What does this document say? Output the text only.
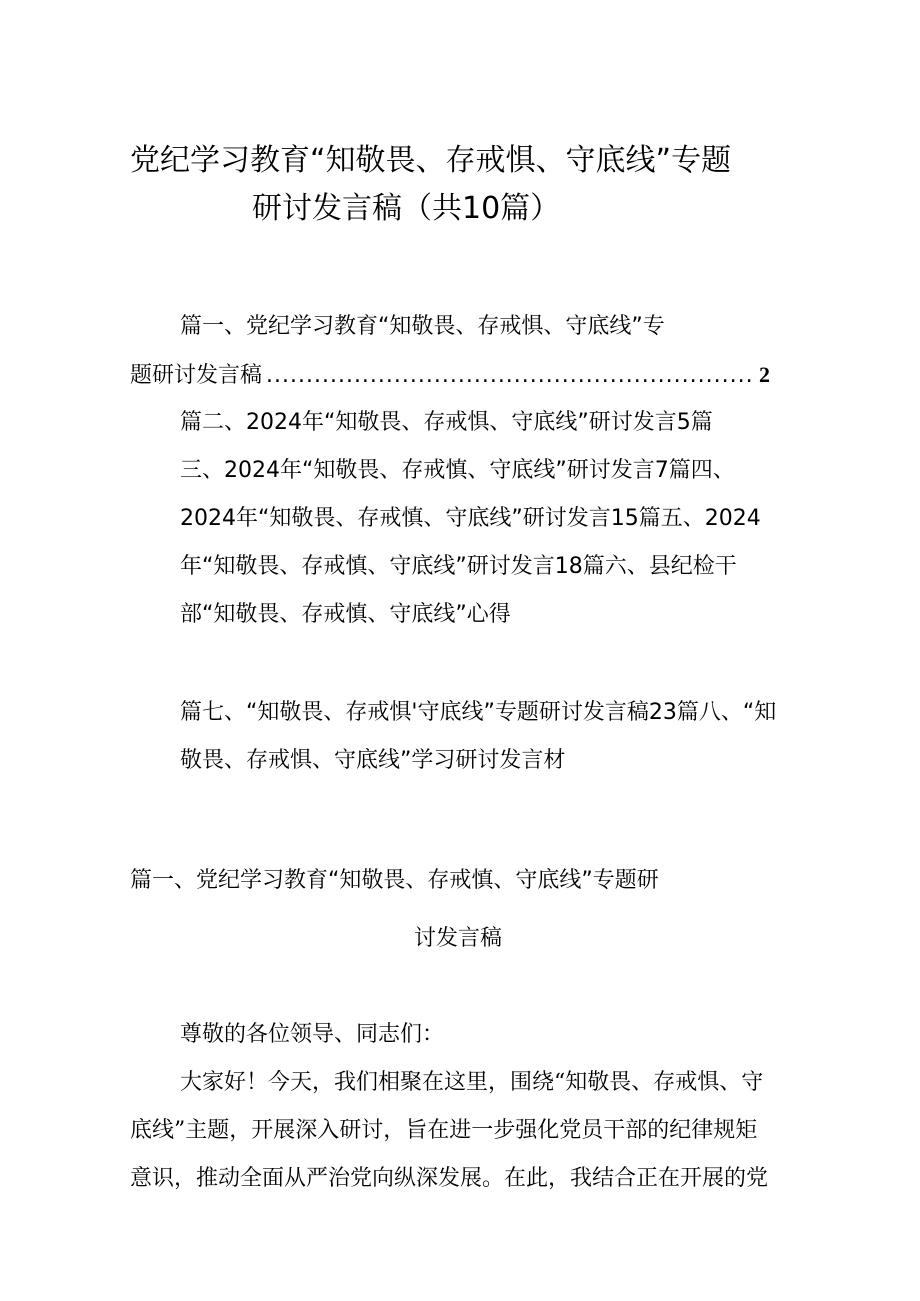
党纪学习教育“知敬畏、存戒惧、守底线”专题
研讨发言稿（共10篇）
篇一、党纪学习教育“知敬畏、存戒惧、守底线”专
题研讨发言稿
.....	2
篇二、2024年“知敬畏、存戒惧、守底线”研讨发言5篇
三、2024年“知敬畏、存戒慎、守底线”研讨发言7篇四、
2024年“知敬畏、存戒慎、守底线”研讨发言15篇五、2024
年“知敬畏、存戒慎、守底线”研讨发言18篇六、县纪检干
部“知敬畏、存戒慎、守底线”心得
篇七、“知敬畏、存戒惧'守底线”专题研讨发言稿23篇八、“知
敬畏、存戒惧、守底线”学习研讨发言材
篇一、党纪学习教育“知敬畏、存戒慎、守底线”专题研
讨发言稿
尊敬的各位领导、同志们：
大家好！今天，我们相聚在这里，围绕“知敬畏、存戒惧、守
底线”主题，开展深入研讨，旨在进一步强化党员干部的纪律规矩
意识，推动全面从严治党向纵深发展。在此，我结合正在开展的党
